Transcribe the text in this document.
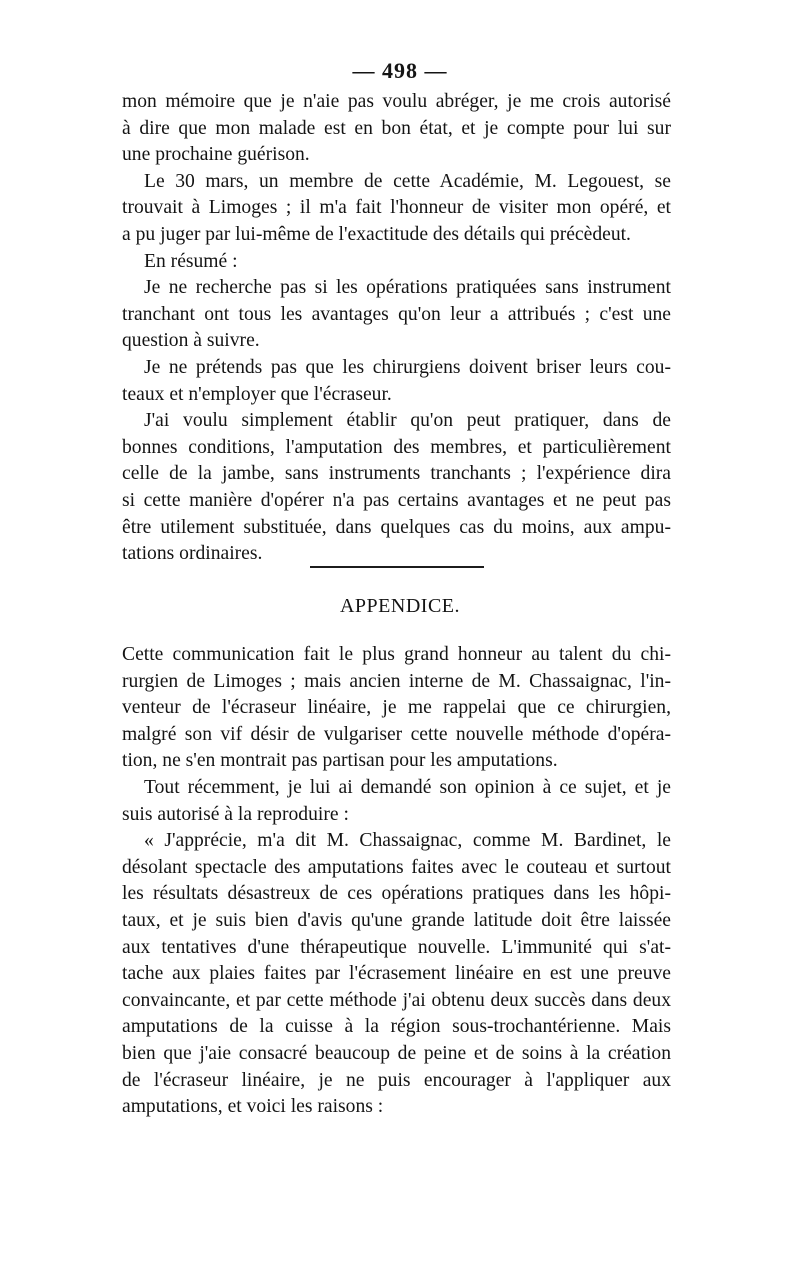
— 498 —
mon mémoire que je n'aie pas voulu abréger, je me crois autorisé
à dire que mon malade est en bon état, et je compte pour lui sur
une prochaine guérison.
Le 30 mars, un membre de cette Académie, M. Legouest, se
trouvait à Limoges ; il m'a fait l'honneur de visiter mon opéré, et
a pu juger par lui-même de l'exactitude des détails qui précèdeut.
En résumé :
Je ne recherche pas si les opérations pratiquées sans instrument
tranchant ont tous les avantages qu'on leur a attribués ; c'est une
question à suivre.
Je ne prétends pas que les chirurgiens doivent briser leurs cou-
teaux et n'employer que l'écraseur.
J'ai voulu simplement établir qu'on peut pratiquer, dans de
bonnes conditions, l'amputation des membres, et particulièrement
celle de la jambe, sans instruments tranchants ; l'expérience dira
si cette manière d'opérer n'a pas certains avantages et ne peut pas
être utilement substituée, dans quelques cas du moins, aux ampu-
tations ordinaires.
APPENDICE.
Cette communication fait le plus grand honneur au talent du chi-
rurgien de Limoges ; mais ancien interne de M. Chassaignac, l'in-
venteur de l'écraseur linéaire, je me rappelai que ce chirurgien,
malgré son vif désir de vulgariser cette nouvelle méthode d'opéra-
tion, ne s'en montrait pas partisan pour les amputations.
Tout récemment, je lui ai demandé son opinion à ce sujet, et je
suis autorisé à la reproduire :
« J'apprécie, m'a dit M. Chassaignac, comme M. Bardinet, le
désolant spectacle des amputations faites avec le couteau et surtout
les résultats désastreux de ces opérations pratiques dans les hôpi-
taux, et je suis bien d'avis qu'une grande latitude doit être laissée
aux tentatives d'une thérapeutique nouvelle. L'immunité qui s'at-
tache aux plaies faites par l'écrasement linéaire en est une preuve
convaincante, et par cette méthode j'ai obtenu deux succès dans deux
amputations de la cuisse à la région sous-trochantérienne. Mais
bien que j'aie consacré beaucoup de peine et de soins à la création
de l'écraseur linéaire, je ne puis encourager à l'appliquer aux
amputations, et voici les raisons :
